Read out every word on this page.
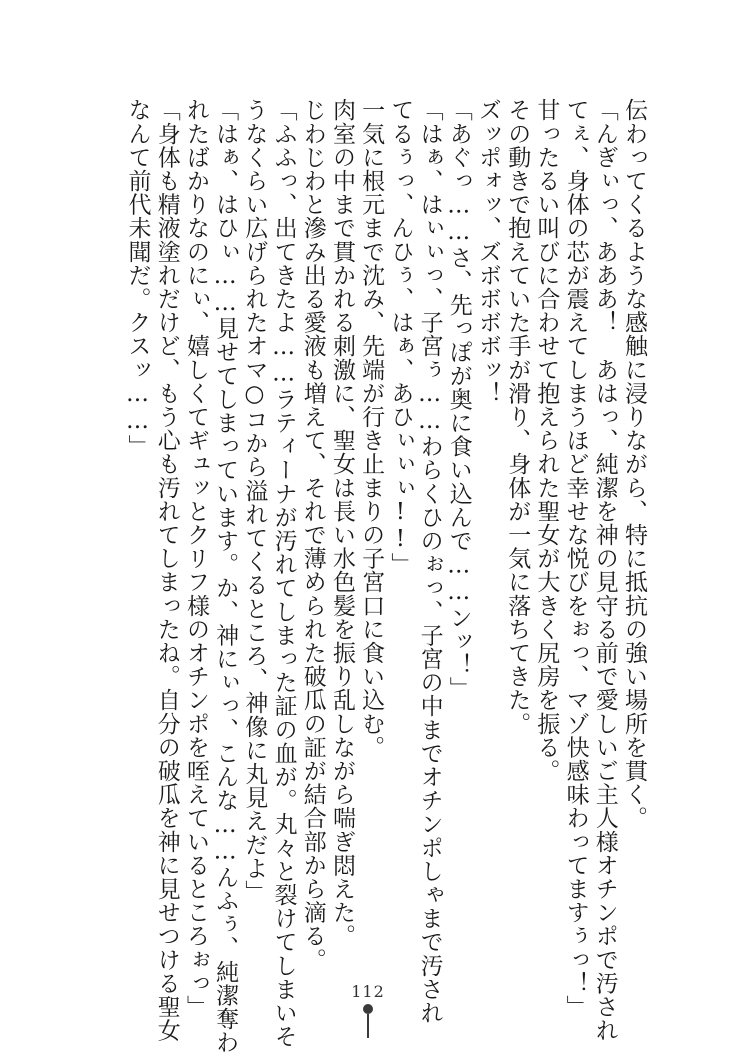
伝わってくるような感触に浸りながら、特に抵抗の強い場所を貫く。
「んぎぃっ、あああ！　あはっ、純潔を神の見守る前で愛しいご主人様オチンポで汚され
てぇ、身体の芯が震えてしまうほど幸せな悦びをぉっ、マゾ快感味わってますぅっ！」
甘ったるい叫びに合わせて抱えられた聖女が大きく尻房を振る。
その動きで抱えていた手が滑り、身体が一気に落ちてきた。
ズッポォッ、ズボボボボッ！
「あぐっ……さ、先っぽが奥に食い込んで……ンッ！」
「はぁ、はぃぃっ、子宮ぅ……わらくひのぉっ、子宮の中までオチンポしゃまで汚され
てるぅっ、んひぅ、はぁ、あひぃぃぃ!!」
一気に根元まで沈み、先端が行き止まりの子宮口に食い込む。
肉室の中まで貫かれる刺激に、聖女は長い水色髪を振り乱しながら喘ぎ悶えた。
じわじわと滲み出る愛液も増えて、それで薄められた破瓜の証が結合部から滴る。
「ふふっ、出てきたよ……ラティーナが汚れてしまった証の血が。丸々と裂けてしまいそ
うなくらい広げられたオマ○コから溢れてくるところ、神像に丸見えだよ」
「はぁ、はひぃ……見せてしまっています。か、神にぃっ、こんな……んふぅ、純潔奪わ
れたばかりなのにぃ、嬉しくてギュッとクリフ様のオチンポを咥えているところぉっ」
「身体も精液塗れだけど、もう心も汚れてしまったね。自分の破瓜を神に見せつける聖女
なんて前代未聞だ。クスッ……」
112
